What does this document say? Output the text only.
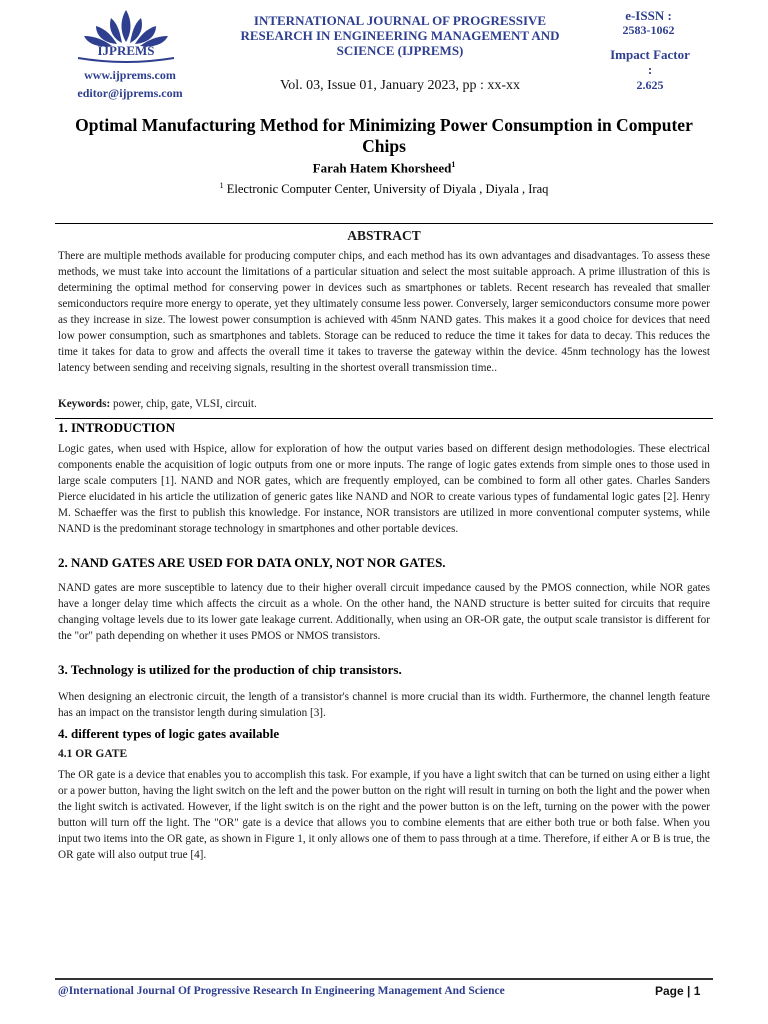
IJPREMS
www.ijprems.com
editor@ijprems.com
INTERNATIONAL JOURNAL OF PROGRESSIVE RESEARCH IN ENGINEERING MANAGEMENT AND SCIENCE (IJPREMS)
Vol. 03, Issue 01, January 2023, pp : xx-xx
e-ISSN :
2583-1062
Impact Factor :
2.625
Optimal Manufacturing Method for Minimizing Power Consumption in Computer Chips
Farah Hatem Khorsheed$^1$
$^1$ Electronic Computer Center, University of Diyala , Diyala , Iraq
ABSTRACT
There are multiple methods available for producing computer chips, and each method has its own advantages and disadvantages. To assess these methods, we must take into account the limitations of a particular situation and select the most suitable approach. A prime illustration of this is determining the optimal method for conserving power in devices such as smartphones or tablets. Recent research has revealed that smaller semiconductors require more energy to operate, yet they ultimately consume less power. Conversely, larger semiconductors consume more power as they increase in size. The lowest power consumption is achieved with 45nm NAND gates. This makes it a good choice for devices that need low power consumption, such as smartphones and tablets. Storage can be reduced to reduce the time it takes for data to decay. This reduces the time it takes for data to grow and affects the overall time it takes to traverse the gateway within the device. 45nm technology has the lowest latency between sending and receiving signals, resulting in the shortest overall transmission time..
Keywords: power, chip, gate, VLSI, circuit.
1. INTRODUCTION
Logic gates, when used with Hspice, allow for exploration of how the output varies based on different design methodologies. These electrical components enable the acquisition of logic outputs from one or more inputs. The range of logic gates extends from simple ones to those used in large scale computers [1]. NAND and NOR gates, which are frequently employed, can be combined to form all other gates. Charles Sanders Pierce elucidated in his article the utilization of generic gates like NAND and NOR to create various types of fundamental logic gates [2]. Henry M. Schaeffer was the first to publish this knowledge. For instance, NOR transistors are utilized in more conventional computer systems, while NAND is the predominant storage technology in smartphones and other portable devices.
2. NAND GATES ARE USED FOR DATA ONLY, NOT NOR GATES.
NAND gates are more susceptible to latency due to their higher overall circuit impedance caused by the PMOS connection, while NOR gates have a longer delay time which affects the circuit as a whole. On the other hand, the NAND structure is better suited for circuits that require changing voltage levels due to its lower gate leakage current. Additionally, when using an OR-OR gate, the output scale transistor is different for the "or" path depending on whether it uses PMOS or NMOS transistors.
3. Technology is utilized for the production of chip transistors.
When designing an electronic circuit, the length of a transistor's channel is more crucial than its width. Furthermore, the channel length feature has an impact on the transistor length during simulation [3].
4. different types of logic gates available
4.1 OR GATE
The OR gate is a device that enables you to accomplish this task. For example, if you have a light switch that can be turned on using either a light or a power button, having the light switch on the left and the power button on the right will result in turning on both the light and the power when the light switch is activated. However, if the light switch is on the right and the power button is on the left, turning on the power with the power button will turn off the light. The "OR" gate is a device that allows you to combine elements that are either both true or both false. When you input two items into the OR gate, as shown in Figure 1, it only allows one of them to pass through at a time. Therefore, if either A or B is true, the OR gate will also output true [4].
@International Journal Of Progressive Research In Engineering Management And Science	Page | 1
